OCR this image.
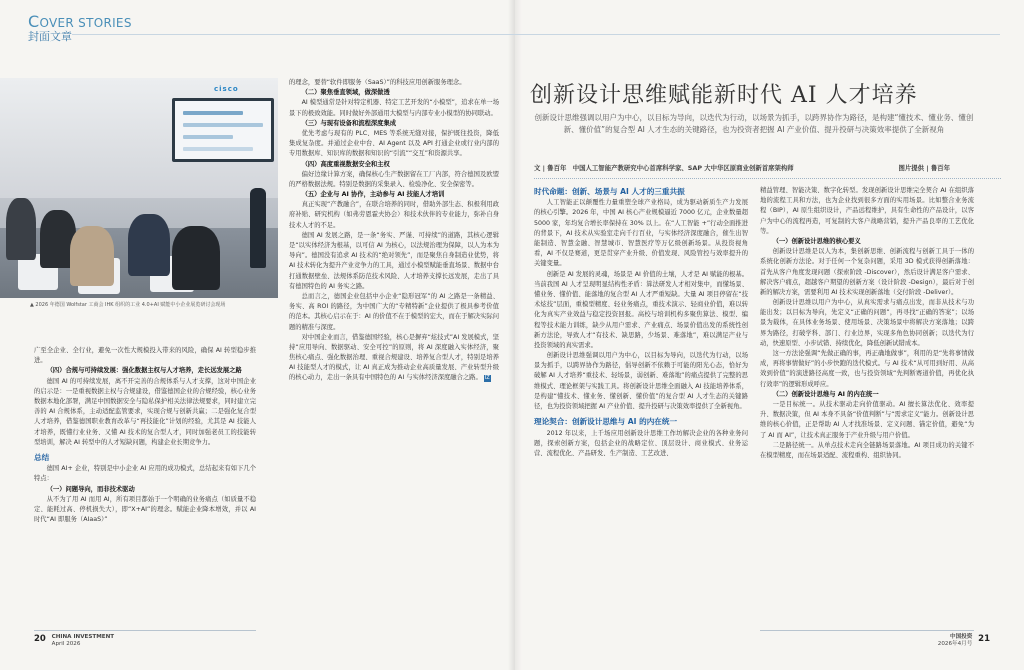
COVER STORIES
封面文章
cisco
▲ 2026 年德国 Wolfstar 工商会 IHK 组织的工业 4.0+AI 赋能中小企业展览研讨会现场

的理念，要替“软件即服务（SaaS）”的科技应用创新服务理念。

（二）聚焦垂直领域，做深做透

AI 模型通常是针对特定机器、特定工艺开发的“小模型”，追求在单一场景下的极致效能。同时做好外部通用大模型与内部专业小模型的协同联动。

（三）与现有设备和流程深度集成

优先考虑与现有的 PLC、MES 等系统无缝对接，保护既往投资，降低集成复杂度。并通过企业中台、AI Agent 以及 API 打通企业或行业内部的专用数据库、知识库的数据和知识的“引流”“交互”和资源共享。

（四）高度重视数据安全和主权

偏好边缘计算方案，确保核心生产数据留在工厂内部，符合德国及欧盟的严格数据法规。特别是数据的采集录入、检验净化、安全保密等。

（五）企业与 AI 协作，主动参与 AI 技能人才培训

真正实现“产教融合”，在联合培养的同时，借助外部生态、积极利用政府补贴、研究机构（如弗劳恩霍夫协会）和技术伙伴的专业能力，弥补自身技术人才的不足。

德国 AI 发展之路，是一条“务实、严谨、可持续”的道路，其核心逻辑是“以实体经济为根基，以可信 AI 为核心，以法规治理为保障，以人为本为导向”。德国没有追求 AI 技术的“绝对领先”，而是聚焦自身制造业优势，将 AI 技术转化为提升产业竞争力的工具，通过小模型赋能垂直场景、数据中台打通数据壁垒、法规体系防范技术风险、人才培养支撑长远发展，走出了具有德国特色的 AI 务实之路。

总而言之，德国企业包括中小企业“隐形冠军”的 AI 之路是一条精益、务实、高 ROI 的路径，为中国广大的“专精特新”企业提供了极具参考价值的范本。其核心启示在于：AI 的价值不在于模型的宏大，而在于解决实际问题的精准与深度。

对中国企业而言，借鉴德国经验，核心是摒弃“炫技式”AI 发展模式，坚持“应用导向、数据驱动、安全可控”的原则，将 AI 深度融入实体经济，聚焦核心痛点、强化数据治理、重视合规建设、培养复合型人才，特别是培养 AI 技能型人才的模式，让 AI 真正成为推动企业高质量发展、产业转型升级的核心动力，走出一条具有中国特色的 AI 与实体经济深度融合之路。 IZ

广至全企业、全行业，避免一次性大规模投入带来的风险，确保 AI 转型稳步推进。

（四）合规与可持续发展：强化数据主权与人才培养，走长远发展之路

德国 AI 的可持续发展，离不开完善的合规体系与人才支撑，这对中国企业的启示是：一是重视数据主权与合规建设，借鉴德国企业的合规经验，核心业务数据本地化部署，满足中国数据安全与隐私保护相关法律法规要求，同时建立完善的 AI 合规体系，主动适配监管要求，实现合规与创新共赢；二是强化复合型人才培养，借鉴德国职业教育改革与“再技能化”计划的经验，尤其是 AI 技能人才培养，既懂行业业务、又懂 AI 技术的复合型人才，同时加强老员工的技能转型培训，解决 AI 转型中的人才短缺问题，构建企业长期竞争力。

总结

德国 AI+ 企业，特别是中小企业 AI 应用的成功模式，总结起来有如下几个特点：

（一）问题导向，而非技术驱动

从不为了用 AI 而用 AI，所有项目都始于一个明确的业务痛点（如质量不稳定、能耗过高、停机损失大），即“X+AI”的理念。赋能企业降本增效，并以 AI 时代“AI 即服务（AIaaS）”

创新设计思维赋能新时代 AI 人才培养
创新设计思维强调以用户为中心，以目标为导向，以迭代为行动，以场景为抓手，以跨界协作为路径，是构建“懂技术、懂业务、懂创新、懂价值”的复合型 AI 人才生态的关键路径，也为投资者把握 AI 产业价值、提升投研与决策效率提供了全新视角
文 | 鲁百年　中国人工智能产教研究中心首席科学家、SAP 大中华区原商业创新首席架构师	图片提供 | 鲁百年

时代命题：创新、场景与 AI 人才的三重共振

人工智能正以颠覆性力量重塑全球产业格局，成为驱动新质生产力发展的核心引擎。2026 年，中国 AI 核心产业规模逼近 7000 亿元，企业数量超 5000 家，年均复合增长率保持在 30% 以上。在“人工智能 +”行动全面推进的背景下，AI 技术从实验室走向千行百业，与实体经济深度融合，催生出智能制造、智慧金融、智慧城市、智慧医疗等万亿级创新场景。从投资视角看，AI 不仅是赛道，更是贯穿产业升级、价值发现、风险管控与效率提升的关键变量。

创新是 AI 发展的灵魂，场景是 AI 价值的土壤，人才是 AI 赋能的根基。当前我国 AI 人才呈现明显结构性矛盾：算法研发人才相对集中，而懂场景、懂业务、懂价值、能落地的复合型 AI 人才严重短缺。大量 AI 项目停留在“技术炫技”层面，重模型精度、轻业务痛点，重技术演示、轻商业价值，难以转化为真实产业效益与稳定投资回报。高校与培训机构多聚焦算法、模型、编程等技术能力训练，缺少从用户需求、产业痛点、场景价值出发的系统性创新方法论，导致人才“有技术、缺思路，少场景、难落地”，难以满足产业与投资领域的真实需求。

创新设计思维强调以用户为中心，以目标为导向，以迭代为行动，以场景为抓手，以跨界协作为路径，倡导创新不依赖于可能的阳光心态，恰好为破解 AI 人才培养“重技术、轻场景，弱创新、难落地”的痛点提供了完整的思维模式、理论框架与实践工具。将创新设计思维全面融入 AI 技能培养体系，是构建“懂技术、懂业务、懂创新、懂价值”的复合型 AI 人才生态的关键路径，也为投资领域把握 AI 产业价值、提升投研与决策效率提供了全新视角。

理论契合：创新设计思维与 AI 的内在统一

2012 年以来，上千场应用创新设计思维工作坊解决企业的各种业务问题，探索创新方案，包括企业的战略定位、顶层设计、商业模式、业务运营、流程优化、产品研发、生产制造、工艺改进、

精益管理、智能决策、数字化转型。发现创新设计思维完全契合 AI 在组织落地的流程工具和方法，也为企业找到很多方面的实用场景。比如整合业务流程（BIP），AI 原生组织设计，产品远程维护，具有生命性的产品设计，以客户为中心的流程再造，可复制的大客户战略营销，提升产品良率的工艺优化等。

（一）创新设计思维的核心要义

创新设计思维是以人为本，集创新思维、创新流程与创新工具于一体的系统化创新方法论。对于任何一个复杂问题，采用 3D 模式获得创新落地：首先从客户角度发现问题（探索阶段 -Discover），然后设计满足客户需求、解决客户痛点，超越客户期望的创新方案（设计阶段 -Design），最后对于创新的解决方案，需要利用 AI 技术实现创新落地（交付阶段 -Deliver）。

创新设计思维以用户为中心，从真实需求与痛点出发，而非从技术与功能出发；以目标为导向，先定义“正确的问题”，再寻找“正确的答案”；以场景为载体，在具体业务场景、使用场景、决策场景中将解决方案落地；以跨界为路径，打破学科、部门、行业边界，实现多角色协同创新；以迭代为行动，快速原型、小步试错、持续优化，降低创新试错成本。

这一方法论强调“先做正确的事，再正确地做事”，利用的是“先将事情做成，再将事情做好”的小步快跑的迭代模式。与 AI 技术“从可用到好用、从高效到价值”的演进路径高度一致，也与投资领域“先判断赛道价值，再优化执行效率”的逻辑形成呼应。

（二）创新设计思维与 AI 的内在统一

一是目标统一。从技术驱动走向价值驱动。AI 擅长算法优化、效率提升、数据决策，但 AI 本身不具备“价值判断”与“需求定义”能力。创新设计思维的核心价值，正是帮助 AI 人才找准场景、定义问题、锚定价值，避免“为了 AI 而 AI”，让技术真正服务于产业升级与用户价值。

二是路径统一。从单点技术走向全链路场景落地。AI 项目成功的关键不在模型精度，而在场景适配、流程重构、组织协同。

20 CHINA INVESTMENT
April 2026
中国投资
2026年4月号 21
